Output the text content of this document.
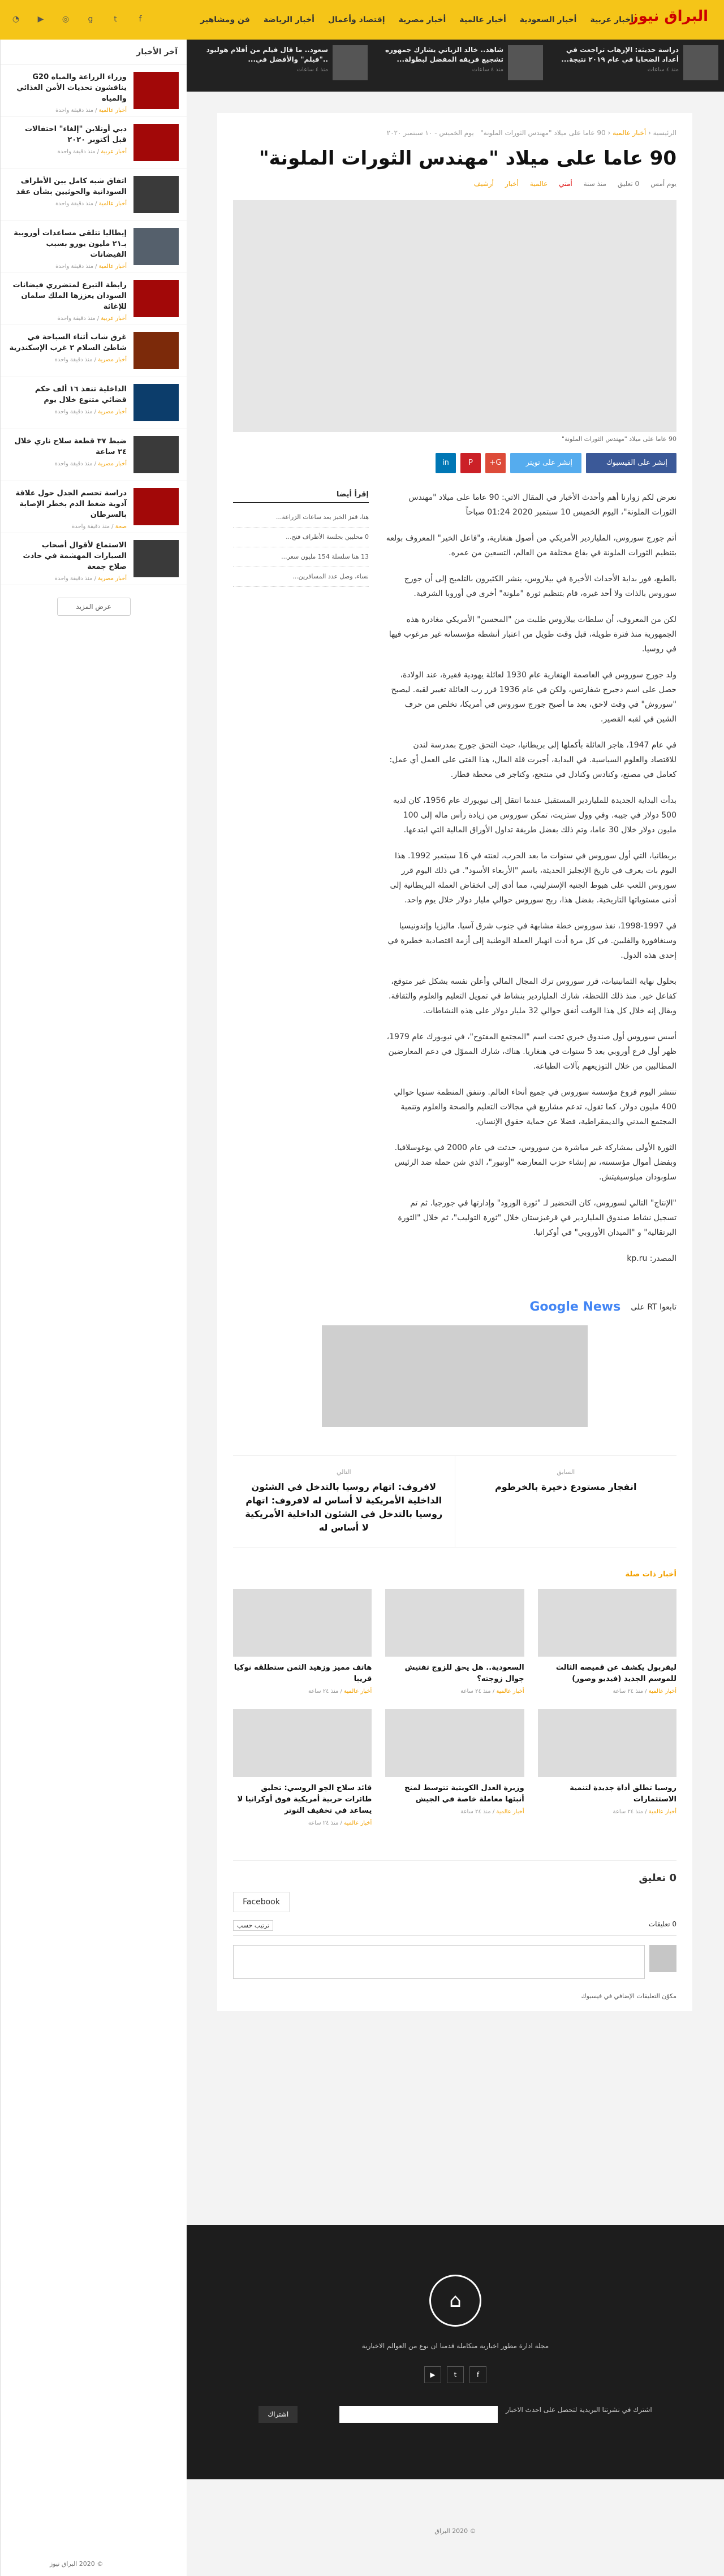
البراق نيوز
أخبار عربية
أخبار السعودية
أخبار عالمية
أخبار مصرية
إقتصاد وأعمال
أخبار الرياضة
فن ومشاهير
f
t
g
◎
▶
◔
دراسة حديثة: الإرهاب تراجعت في أعداد الضحايا في عام ٢٠١٩ نتيجة...
منذ ٤ ساعات
شاهد.. خالد الزياني يشارك جمهوره تشجيع فريقه المفضل لبطولة...
منذ ٤ ساعات
سعود.. ما قال فيلم من أفلام هوليود .."فيلم" والأفضل في...
منذ ٤ ساعات
آخر الأخبار
وزراء الزراعة والمياه G20 يناقشون تحديات الأمن الغذائي والمياه
أخبار عالمية / منذ دقيقة واحدة
دبي أونلاين "إلغاء" احتفالات قبل أكتوبر ٢٠٢٠
أخبار عربية / منذ دقيقة واحدة
اتفاق شبه كامل بين الأطراف السودانية والحوثيين بشأن عقد
أخبار عالمية / منذ دقيقة واحدة
إيطاليا تتلقى مساعدات أوروبية بـ٢١ مليون يورو بسبب الفيضانات
أخبار عالمية / منذ دقيقة واحدة
رابطة التبرع لمتضرري فيضانات السودان يعززها الملك سلمان للإغاثة
أخبار عربية / منذ دقيقة واحدة
غرق شاب أثناء السباحة في شاطئ السلام ٢ غرب الإسكندرية
أخبار مصرية / منذ دقيقة واحدة
الداخلية تنفذ ١٦ ألف حكم قضائي متنوع خلال يوم
أخبار مصرية / منذ دقيقة واحدة
ضبط ٣٧ قطعة سلاح ناري خلال ٢٤ ساعة
أخبار مصرية / منذ دقيقة واحدة
دراسة تحسم الجدل حول علاقة آدوية ضغط الدم بخطر الإصابة بالسرطان
صحة / منذ دقيقة واحدة
الاستماع لأقوال أصحاب السيارات المهشمة في حادث صلاح جمعة
أخبار مصرية / منذ دقيقة واحدة
عرض المزيد
الرئيسية ‹ أخبار عالمية ‹ 90 عاما على ميلاد "مهندس الثورات الملونة"   يوم الخميس - ١٠ سبتمبر ٢٠٢٠
90 عاما على ميلاد "مهندس الثورات الملونة"
يوم أمس
0 تعليق
منذ سنة
أمتي
عالمية
أخبار
أرشيف
90 عاما على ميلاد "مهندس الثورات الملونة"
إنشر على الفيسبوك
إنشر على تويتر
G+
P
in

نعرض لكم زوارنا أهم وأحدث الأخبار في المقال الاتي: 90 عاما على ميلاد "مهندس الثورات الملونة"، اليوم الخميس 10 سبتمبر 2020 01:24 صباحاً

أتم جورج سوروس، الملياردير الأمريكي من أصول هنغارية، و"فاعل الخير" المعروف بولعه بتنظيم الثورات الملونة في بقاع مختلفة من العالم، التسعين من عمره.

بالطبع، فور بداية الأحداث الأخيرة في بيلاروس، ينشر الكثيرون بالتلميح إلى أن جورج سوروس بالذات ولا أحد غيره، قام بتنظيم ثورة "ملونة" أخرى في أوروبا الشرقية.

لكن من المعروف، أن سلطات بيلاروس طلبت من "المحسن" الأمريكي مغادرة هذه الجمهورية منذ فترة طويلة، قبل وقت طويل من اعتبار أنشطة مؤسساته غير مرغوب فيها في روسيا.

ولد جورج سوروس في العاصمة الهنغارية عام 1930 لعائلة يهودية فقيرة، عند الولادة، حصل على اسم دجيرج شفارتس، ولكن في عام 1936 قرر رب العائلة تغيير لقبه. ليصبح "سوروش" في وقت لاحق، بعد ما أصبح جورج سوروس في أمريكا، تخلص من حرف الشين في لقبه القصير.

في عام 1947، هاجر العائلة بأكملها إلى بريطانيا، حيث التحق جورج بمدرسة لندن للاقتصاد والعلوم السياسية. في البداية، أجبرت قلة المال، هذا الفتى على العمل أي عمل: كعامل في مصنع، وكنادس وكنادل في منتجع، وكتاجر في محطة قطار.

بدأت البداية الجديدة للملياردير المستقبل عندما انتقل إلى نيويورك عام 1956، كان لديه 500 دولار في جيبه. وفي وول ستريت، تمكن سوروس من زيادة رأس ماله إلى 100 مليون دولار خلال 30 عاما، وتم ذلك بفضل طريقة تداول الأوراق المالية التي ابتدعها.

بريطانيا، التي أول سوروس في سنوات ما بعد الحرب، لعنته في 16 سبتمبر 1992. هذا اليوم بات يعرف في تاريخ الإنجليز الحديثة، باسم "الأربعاء الأسود". في ذلك اليوم قرر سوروس اللعب على هبوط الجنيه الإسترليني، مما أدى إلى انخفاض العملة البريطانية إلى أدنى مستوياتها التاريخية. بفضل هذا، ربح سوروس حوالي مليار دولار خلال يوم واحد.

في 1997-1998، نفذ سوروس خطة مشابهة في جنوب شرق آسيا. ماليزيا وإندونيسيا وسنغافورة والفلبين. في كل مرة أدت انهيار العملة الوطنية إلى أزمة اقتصادية خطيرة في إحدى هذه الدول.

بحلول نهاية الثمانينيات، قرر سوروس ترك المجال المالي وأعلن نفسه بشكل غير متوقع، كفاعل خير. منذ ذلك اللحظة، شارك الملياردير بنشاط في تمويل التعليم والعلوم والثقافة. ويقال إنه خلال كل هذا الوقت أنفق حوالي 32 مليار دولار على هذه النشاطات.

أسس سوروس أول صندوق خيري تحت اسم "المجتمع المفتوح"، في نيويورك عام 1979، ظهر أول فرع أوروبي بعد 5 سنوات في هنغاريا. هناك، شارك المموّل في دعم المعارضين المطالبين من خلال التوزيعهم بآلات الطباعة.

تنتشر اليوم فروع مؤسسة سوروس في جميع أنحاء العالم. وتنفق المنظمة سنويا حوالي 400 مليون دولار، كما تقول، تدعم مشاريع في مجالات التعليم والصحة والعلوم وتنمية المجتمع المدني والديمقراطية، فضلا عن حماية حقوق الإنسان.

الثورة الأولى بمشاركة غير مباشرة من سوروس، حدثت في عام 2000 في يوغوسلافيا. وبفضل أموال مؤسسته، تم إنشاء حزب المعارضة "أوتبور"، الذي شن حملة ضد الرئيس سلوبودان ميلوسيفيتش.

"الإنتاج" التالي لسوروس، كان التحضير لـ "ثورة الورود" وإدارتها في جورجيا. ثم تم تسجيل نشاط صندوق الملياردير في قرغيزستان خلال "ثورة التوليب"، ثم خلال "الثورة البرتقالية" و "الميدان الأوروبي" في أوكرانيا.

المصدر: kp.ru

إقرأ أيضا
هنا، قفز الخبز بعد ساعات الزراعة...
0 محليين بجلسة الأطراف فتح...
13 هنا سلسلة 154 مليون سعر...
نساء، وصل عدد المسافرين...
تابعوا RT على
Google News
السابق
انفجار مستودع ذخيرة بالخرطوم
التالي
لافروف: اتهام روسيا بالتدخل في الشئون الداخلية الأمريكية لا أساس له لافروف: اتهام روسيا بالتدخل في الشئون الداخلية الأمريكية لا أساس له
أخبار ذات صلة
ليفربول يكشف عن قميصه الثالث للموسم الجديد (فيديو وصور)
أخبار عالمية / منذ ٢٤ ساعة
السعودية.. هل يحق للزوج تفتيش جوال زوجته؟
أخبار عالمية / منذ ٢٤ ساعة
هاتف مميز وزهيد الثمن ستطلقه نوكيا قريبا
أخبار عالمية / منذ ٢٤ ساعة
روسيا تطلق أداة جديدة لتنمية الاستثمارات
أخبار عالمية / منذ ٢٤ ساعة
وزيرة العدل الكويتية تتوسط لمنح أنبئها معاملة خاصة في الجيش
أخبار عالمية / منذ ٢٤ ساعة
قائد سلاح الجو الروسي: تحليق طائرات حربية أمريكية فوق أوكرانيا لا يساعد في تخفيف التوتر
أخبار عالمية / منذ ٢٤ ساعة
0 تعليق
Facebook
0 تعليقات
ترتيب حسب
مكوّن التعليقات الإضافي في فيسبوك
⌂
مجلة ادارة مطور اخبارية متكاملة قدمنا ان نوع من العوالم الاخبارية
f
t
▶
اشترك في نشرتنا البريدية لتحصل على احدث الاخبار
اشتراك
© 2020 البراق
© 2020 البراق نيوز
